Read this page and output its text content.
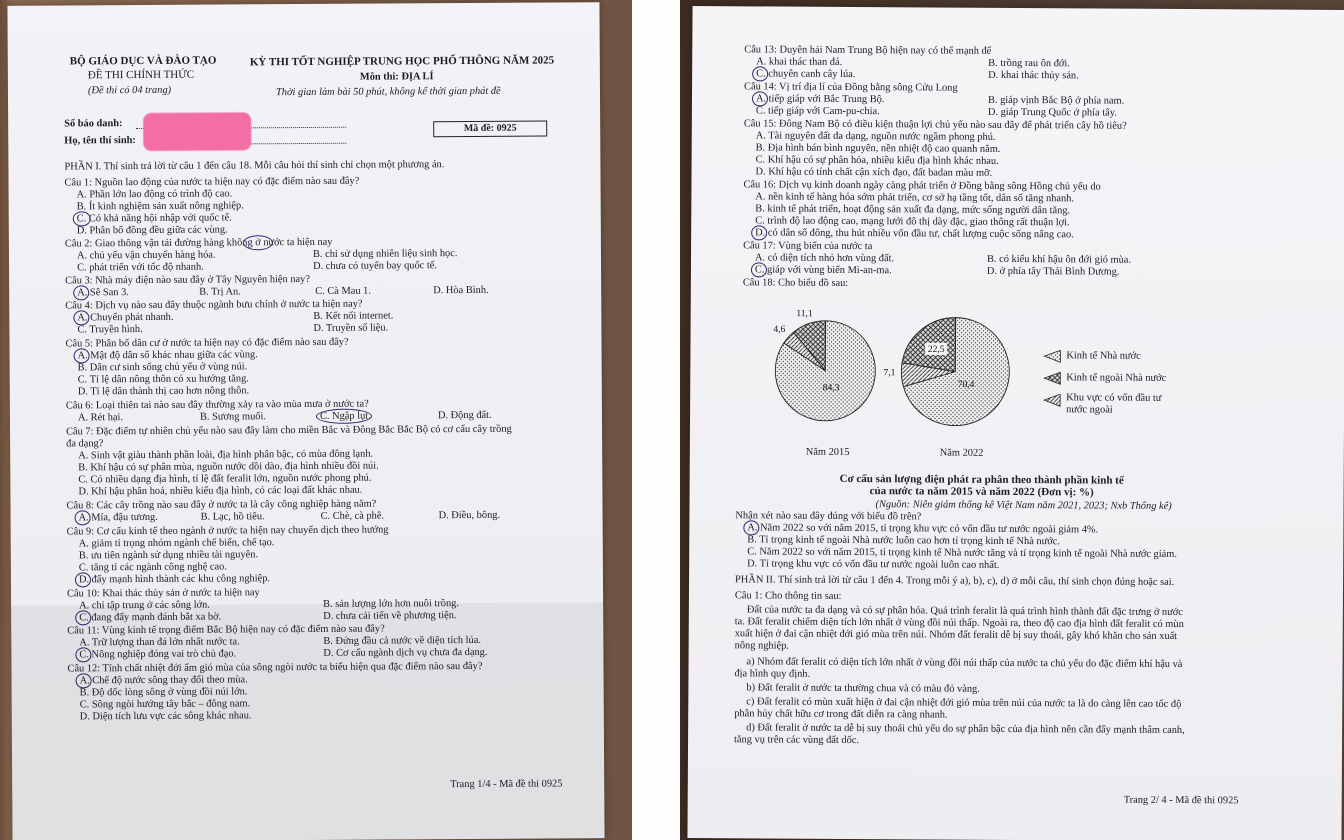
BỘ GIÁO DỤC VÀ ĐÀO TẠO
ĐỀ THI CHÍNH THỨC
(Đề thi có 04 trang)
KỲ THI TỐT NGHIỆP TRUNG HỌC PHỔ THÔNG NĂM 2025
Môn thi: ĐỊA LÍ
Thời gian làm bài 50 phút, không kể thời gian phát đề
Số báo danh:
Họ, tên thí sinh:
Mã đề: 0925
PHẦN I. Thí sinh trả lời từ câu 1 đến câu 18. Mỗi câu hỏi thí sinh chỉ chọn một phương án.
Câu 1: Nguồn lao động của nước ta hiện nay có đặc điểm nào sau đây?
A. Phần lớn lao động có trình độ cao.
B. Ít kinh nghiệm sản xuất nông nghiệp.
C. Có khả năng hội nhập với quốc tế.
D. Phân bố đồng đều giữa các vùng.
Câu 2: Giao thông vận tải đường hàng không ở nước ta hiện nay
A. chủ yếu vận chuyển hàng hóa.	B. chỉ sử dụng nhiên liệu sinh học.
C. phát triển với tốc độ nhanh.	D. chưa có tuyến bay quốc tế.
Câu 3: Nhà máy điện nào sau đây ở Tây Nguyên hiện nay?
A. Sê San 3.	B. Trị An.	C. Cà Mau 1.	D. Hòa Bình.
Câu 4: Dịch vụ nào sau đây thuộc ngành bưu chính ở nước ta hiện nay?
A. Chuyển phát nhanh.	B. Kết nối internet.
C. Truyền hình.	D. Truyền số liệu.
Câu 5: Phân bố dân cư ở nước ta hiện nay có đặc điểm nào sau đây?
A. Mật độ dân số khác nhau giữa các vùng.
B. Dân cư sinh sống chủ yếu ở vùng núi.
C. Tỉ lệ dân nông thôn có xu hướng tăng.
D. Tỉ lệ dân thành thị cao hơn nông thôn.
Câu 6: Loại thiên tai nào sau đây thường xảy ra vào mùa mưa ở nước ta?
A. Rét hại.	B. Sương muối.	C. Ngập lụt.	D. Động đất.
Câu 7: Đặc điểm tự nhiên chủ yếu nào sau đây làm cho miền Bắc và Đông Bắc Bắc Bộ có cơ cấu cây trồng
đa dạng?
A. Sinh vật giàu thành phần loài, địa hình phân bậc, có mùa đông lạnh.
B. Khí hậu có sự phân mùa, nguồn nước dồi dào, địa hình nhiều đồi núi.
C. Có nhiều dạng địa hình, tỉ lệ đất feralit lớn, nguồn nước phong phú.
D. Khí hậu phân hoá, nhiều kiểu địa hình, có các loại đất khác nhau.
Câu 8: Các cây trồng nào sau đây ở nước ta là cây công nghiệp hàng năm?
A. Mía, đậu tương.	B. Lạc, hồ tiêu.	C. Chè, cà phê.	D. Điều, bông.
Câu 9: Cơ cấu kinh tế theo ngành ở nước ta hiện nay chuyển dịch theo hướng
A. giảm tỉ trọng nhóm ngành chế biến, chế tạo.
B. ưu tiên ngành sử dụng nhiều tài nguyên.
C. tăng tỉ các ngành công nghệ cao.
D. đẩy mạnh hình thành các khu công nghiệp.
Câu 10: Khai thác thủy sản ở nước ta hiện nay
A. chỉ tập trung ở các sông lớn.	B. sản lượng lớn hơn nuôi trồng.
C. đang đẩy mạnh đánh bắt xa bờ.	D. chưa cải tiến về phương tiện.
Câu 11: Vùng kinh tế trọng điểm Bắc Bộ hiện nay có đặc điểm nào sau đây?
A. Trữ lượng than đá lớn nhất nước ta.	B. Đứng đầu cả nước về diện tích lúa.
C. Nông nghiệp đóng vai trò chủ đạo.	D. Cơ cấu ngành dịch vụ chưa đa dạng.
Câu 12: Tính chất nhiệt đới ẩm gió mùa của sông ngòi nước ta biểu hiện qua đặc điểm nào sau đây?
A. Chế độ nước sông thay đổi theo mùa.
B. Độ dốc lòng sông ở vùng đồi núi lớn.
C. Sông ngòi hướng tây bắc – đông nam.
D. Diện tích lưu vực các sông khác nhau.
Trang 1/4 - Mã đề thi 0925
Câu 13: Duyên hải Nam Trung Bộ hiện nay có thế mạnh để
A. khai thác than đá.	B. trồng rau ôn đới.
C. chuyên canh cây lúa.	D. khai thác thủy sản.
Câu 14: Vị trí địa lí của Đồng bằng sông Cửu Long
A. tiếp giáp với Bắc Trung Bộ.	B. giáp vịnh Bắc Bộ ở phía nam.
C. tiếp giáp với Cam-pu-chia.	D. giáp Trung Quốc ở phía tây.
Câu 15: Đông Nam Bộ có điều kiện thuận lợi chủ yếu nào sau đây để phát triển cây hồ tiêu?
A. Tài nguyên đất đa dạng, nguồn nước ngầm phong phú.
B. Địa hình bán bình nguyên, nền nhiệt độ cao quanh năm.
C. Khí hậu có sự phân hóa, nhiều kiểu địa hình khác nhau.
D. Khí hậu có tính chất cận xích đạo, đất badan màu mỡ.
Câu 16: Dịch vụ kinh doanh ngày càng phát triển ở Đồng bằng sông Hồng chủ yếu do
A. nền kinh tế hàng hóa sớm phát triển, cơ sở hạ tầng tốt, dân số tăng nhanh.
B. kinh tế phát triển, hoạt động sản xuất đa dạng, mức sống người dân tăng.
C. trình độ lao động cao, mạng lưới đô thị dày đặc, giao thông rất thuận lợi.
D. có dân số đông, thu hút nhiều vốn đầu tư, chất lượng cuộc sống nâng cao.
Câu 17: Vùng biển của nước ta
A. có diện tích nhỏ hơn vùng đất.	B. có kiểu khí hậu ôn đới gió mùa.
C. giáp với vùng biển Mi-an-ma.	D. ở phía tây Thái Bình Dương.
Câu 18: Cho biểu đồ sau:
11,1
4,6
84,3
22,5
7,1
70,4
Năm 2015	Năm 2022
Kinh tế Nhà nước
Kinh tế ngoài Nhà nước
Khu vực có vốn đầu tư
nước ngoài
Cơ cấu sản lượng điện phát ra phân theo thành phần kinh tế
của nước ta năm 2015 và năm 2022 (Đơn vị: %)
(Nguồn: Niên giám thống kê Việt Nam năm 2021, 2023; Nxb Thống kê)
Nhận xét nào sau đây đúng với biểu đồ trên?
A. Năm 2022 so với năm 2015, tỉ trọng khu vực có vốn đầu tư nước ngoài giảm 4%.
B. Tỉ trọng kinh tế ngoài Nhà nước luôn cao hơn tỉ trọng kinh tế Nhà nước.
C. Năm 2022 so với năm 2015, tỉ trọng kinh tế Nhà nước tăng và tỉ trọng kinh tế ngoài Nhà nước giảm.
D. Tỉ trọng khu vực có vốn đầu tư nước ngoài luôn cao nhất.
PHẦN II. Thí sinh trả lời từ câu 1 đến 4. Trong mỗi ý a), b), c), d) ở mỗi câu, thí sinh chọn đúng hoặc sai.
Câu 1: Cho thông tin sau:
Đất của nước ta đa dạng và có sự phân hóa. Quá trình feralit là quá trình hình thành đất đặc trưng ở nước
ta. Đất feralit chiếm diện tích lớn nhất ở vùng đồi núi thấp. Ngoài ra, theo độ cao địa hình đất feralit có mùn
xuất hiện ở đai cận nhiệt đới gió mùa trên núi. Nhóm đất feralit dễ bị suy thoái, gây khó khăn cho sản xuất
nông nghiệp.
a) Nhóm đất feralit có diện tích lớn nhất ở vùng đồi núi thấp của nước ta chủ yếu do đặc điểm khí hậu và
địa hình quy định.
b) Đất feralit ở nước ta thường chua và có màu đỏ vàng.
c) Đất feralit có mùn xuất hiện ở đai cận nhiệt đới gió mùa trên núi của nước ta là do càng lên cao tốc độ
phân hủy chất hữu cơ trong đất diễn ra càng nhanh.
d) Đất feralit ở nước ta dễ bị suy thoái chủ yếu do sự phân bậc của địa hình nên cần đẩy mạnh thâm canh,
tăng vụ trên các vùng đất dốc.
Trang 2/ 4 - Mã đề thi 0925
